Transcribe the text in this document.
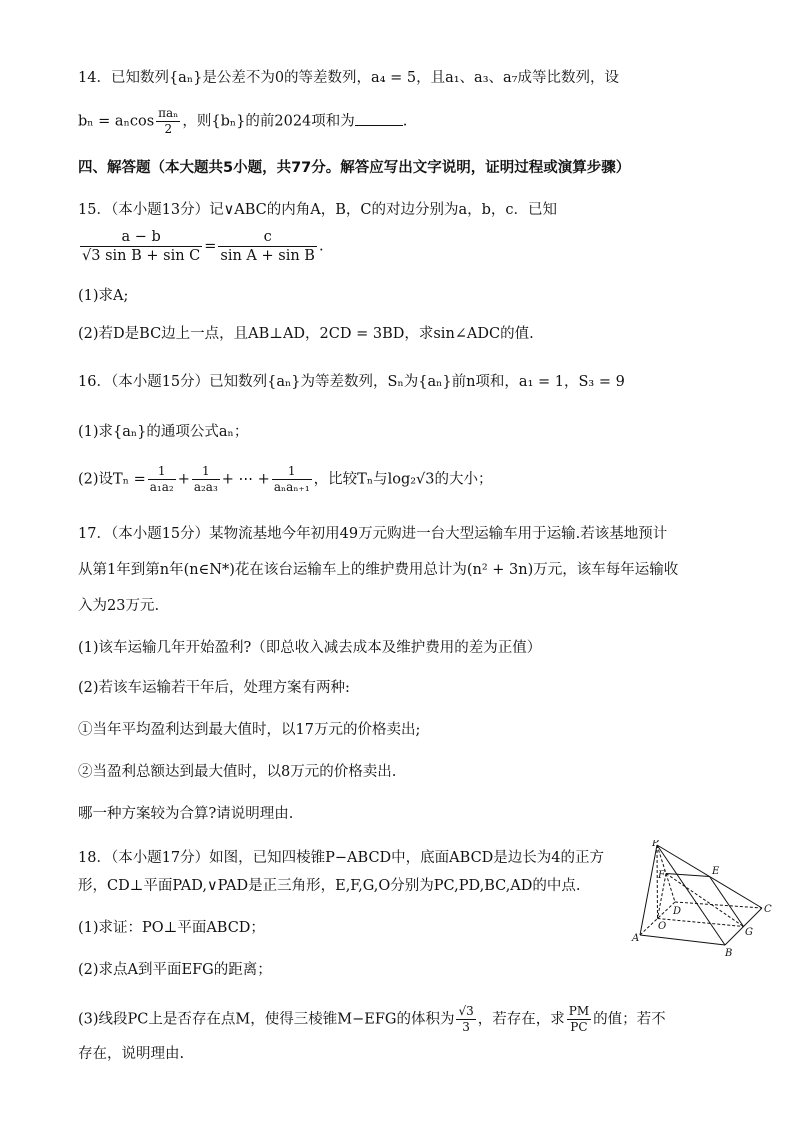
14．已知数列{aₙ}是公差不为0的等差数列，a₄ = 5，且a₁、a₃、a₇成等比数列，设
bₙ = aₙcos $\frac{\text{πaₙ}}{2}$ ，则{bₙ}的前2024项和为	.
四、解答题（本大题共5小题，共77分。解答应写出文字说明，证明过程或演算步骤）
15．（本小题13分）记∨ABC的内角A，B，C的对边分别为a，b，c．已知
$\frac{a - b}{\text{√3 sin B + sin C}} = \frac{c}{\text{sin A + sin B}}$ .
(1)求A;
(2)若D是BC边上一点，且AB⊥AD，2CD = 3BD，求sin∠ADC的值.
16．（本小题15分）已知数列{aₙ}为等差数列，Sₙ为{aₙ}前n项和，a₁ = 1，S₃ = 9
(1)求{aₙ}的通项公式aₙ；
(2)设$T_n = \frac{1}{\text{a₁a₂}} + \frac{1}{\text{a₂a₃}}$ + ⋯ + $\frac{1}{\text{aₙaₙ₊₁}}$ ，比较Tₙ与log₂√3的大小；
17．（本小题15分）某物流基地今年初用49万元购进一台大型运输车用于运输.若该基地预计
从第1年到第n年(n∈N*)花在该台运输车上的维护费用总计为(n² + 3n)万元，该车每年运输收
入为23万元.
(1)该车运输几年开始盈利?（即总收入减去成本及维护费用的差为正值）
(2)若该车运输若干年后，处理方案有两种:
①当年平均盈利达到最大值时，以17万元的价格卖出;
②当盈利总额达到最大值时，以8万元的价格卖出.
哪一种方案较为合算?请说明理由.
18．（本小题17分）如图，已知四棱锥P−ABCD中，底面ABCD是边长为4的正方
形，CD⊥平面PAD,∨PAD是正三角形，E,F,G,O分别为PC,PD,BC,AD的中点.
(1)求证：PO⊥平面ABCD；
(2)求点A到平面EFG的距离；
(3)线段PC上是否存在点M，使得三棱锥M−EFG的体积为 $\frac{√3}{3}$ ，若存在，求 $\frac{PM}{PC}$ 的值；若不
存在，说明理由.
P
E
F
D	C
O
A
B
G
